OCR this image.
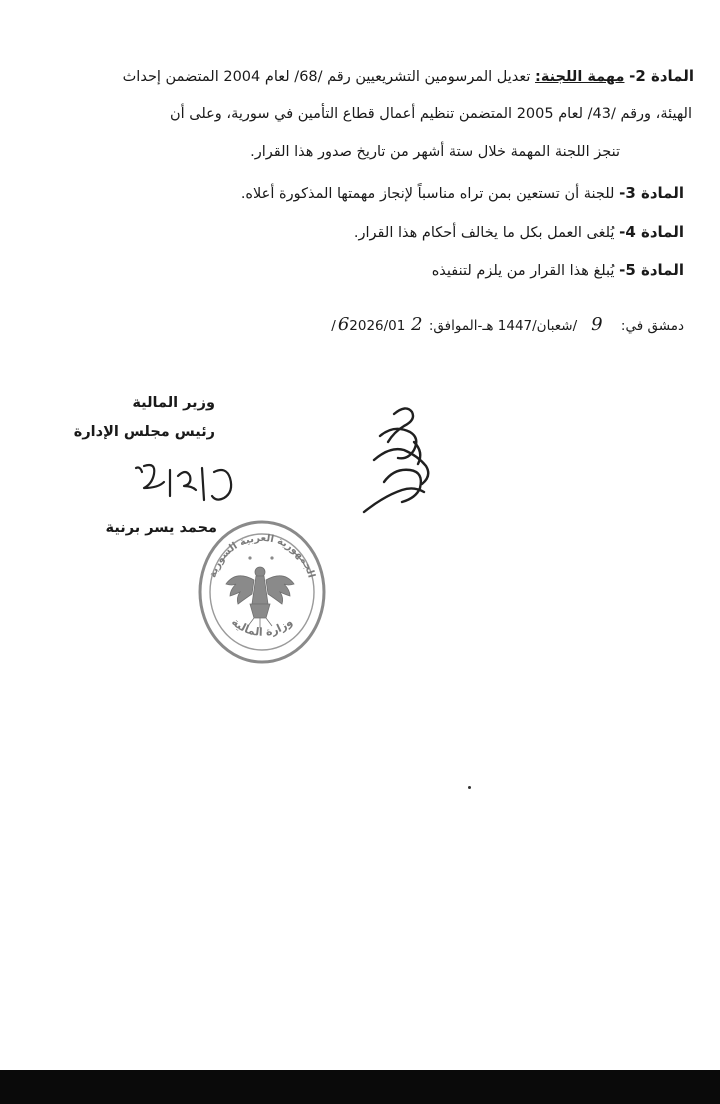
المادة 2- مهمة اللجنة: تعديل المرسومين التشريعيين رقم /68/ لعام 2004 المتضمن إحداث
الهيئة، ورقم /43/ لعام 2005 المتضمن تنظيم أعمال قطاع التأمين في سورية، وعلى أن
تنجز اللجنة المهمة خلال ستة أشهر من تاريخ صدور هذا القرار.
المادة 3- للجنة أن تستعين بمن تراه مناسباً لإنجاز مهمتها المذكورة أعلاه.
المادة 4- يُلغى العمل بكل ما يخالف أحكام هذا القرار.
المادة 5- يُبلغ هذا القرار من يلزم لتنفيذه
دمشق في: 9/شعبان/1447 هـ-الموافق: 2 62026/01/
وزير المالية
رئيس مجلس الإدارة
محمد يسر برنية
الجمهورية العربية السورية
وزارة المالية
